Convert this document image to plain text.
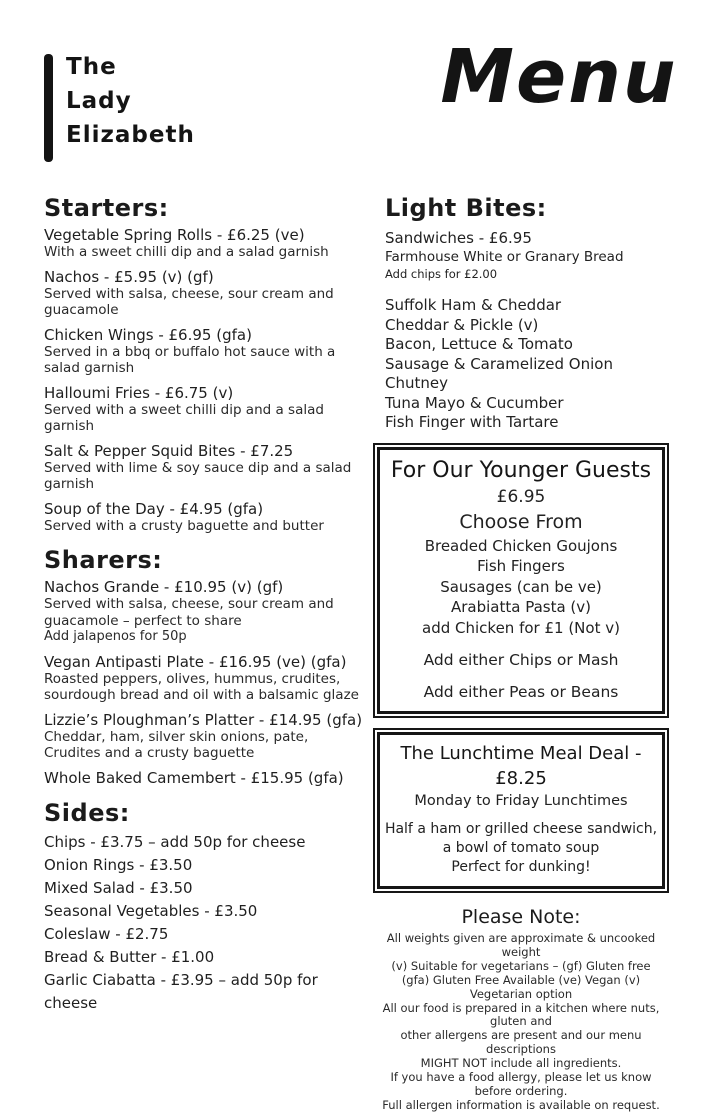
The
Lady
Elizabeth
Menu
Starters:
Vegetable Spring Rolls - £6.25 (ve)
With a sweet chilli dip and a salad garnish
Nachos - £5.95 (v) (gf)
Served with salsa, cheese, sour cream and guacamole
Chicken Wings - £6.95 (gfa)
Served in a bbq or buffalo hot sauce with a salad garnish
Halloumi Fries - £6.75 (v)
Served with a sweet chilli dip and a salad garnish
Salt & Pepper Squid Bites - £7.25
Served with lime & soy sauce dip and a salad garnish
Soup of the Day - £4.95 (gfa)
Served with a crusty baguette and butter
Sharers:
Nachos Grande - £10.95 (v) (gf)
Served with salsa, cheese, sour cream and guacamole – perfect to share
Add jalapenos for 50p
Vegan Antipasti Plate - £16.95 (ve) (gfa)
Roasted peppers, olives, hummus, crudites, sourdough bread and oil with a balsamic glaze
Lizzie’s Ploughman’s Platter - £14.95 (gfa)
Cheddar, ham, silver skin onions, pate, Crudites and a crusty baguette
Whole Baked Camembert - £15.95 (gfa)
Sides:
Chips - £3.75 – add 50p for cheese
Onion Rings - £3.50
Mixed Salad - £3.50
Seasonal Vegetables - £3.50
Coleslaw - £2.75
Bread & Butter - £1.00
Garlic Ciabatta - £3.95 – add 50p for cheese
Light Bites:
Sandwiches - £6.95
Farmhouse White or Granary Bread
Add chips for £2.00
Suffolk Ham & Cheddar
Cheddar & Pickle (v)
Bacon, Lettuce & Tomato
Sausage & Caramelized Onion Chutney
Tuna Mayo & Cucumber
Fish Finger with Tartare
For Our Younger Guests
£6.95
Choose From
Breaded Chicken Goujons
Fish Fingers
Sausages (can be ve)
Arabiatta Pasta (v)
add Chicken for £1 (Not v)
Add either Chips or Mash
Add either Peas or Beans
The Lunchtime Meal Deal - £8.25
Monday to Friday Lunchtimes
Half a ham or grilled cheese sandwich,
a bowl of tomato soup
Perfect for dunking!
Please Note:
All weights given are approximate & uncooked weight
(v) Suitable for vegetarians – (gf) Gluten free
(gfa) Gluten Free Available (ve) Vegan (v) Vegetarian option
All our food is prepared in a kitchen where nuts, gluten and
other allergens are present and our menu descriptions
MIGHT NOT include all ingredients.
If you have a food allergy, please let us know before ordering.
Full allergen information is available on request.
